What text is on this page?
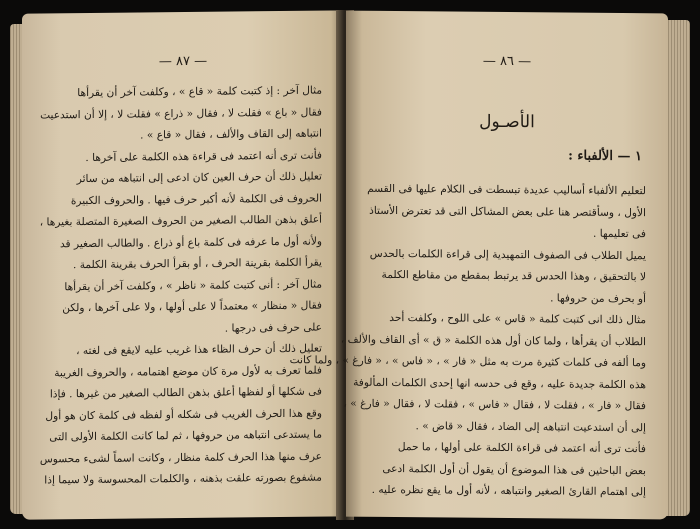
— ٨٧ —
مثال آخر : إذ كتبت كلمة « قاع » ، وكلفت آخر أن يقرأها
فقال « باع » فقلت لا ، فقال « ذراع » فقلت لا ، إلا أن استدعيت
انتباهه إلى القاف والألف ، فقال « قاع » .
فأنت ترى أنه اعتمد فى قراءة هذه الكلمة على آخرها .
تعليل ذلك أن حرف العين كان ادعى إلى انتباهه من سائر
الحروف فى الكلمة لأنه أكبر حرف فيها . والحروف الكبيرة
أعلق بذهن الطالب الصغير من الحروف الصغيرة المتصلة بغيرها ،
ولأنه أول ما عرفه فى كلمة باع أو ذراع . والطالب الصغير قد
يقرأ الكلمة بقرينة الحرف ، أو بقرأ الحرف بقرينة الكلمة .
مثال آخر : أنى كتبت كلمة « ناظر » ، وكلفت آخر أن يقرأها
فقال « منظار » معتمداً لا على أولها ، ولا على آخرها ، ولكن
على حرف فى درجها .
تعليل ذلك أن حرف الظاء هذا غريب عليه لايقع فى لغته ،
فلما تعرف به لأول مرة كان موضع اهتمامه ، والحروف الغريبة
فى شكلها أو لفظها أعلق بذهن الطالب الصغير من غيرها . فإذا
وقع هذا الحرف الغريب فى شكله أو لفظه فى كلمة كان هو أول
ما يستدعى انتباهه من حروفها ، ثم لما كانت الكلمة الأولى التى
عرف منها هذا الحرف كلمة منظار ، وكانت اسماً لشىء محسوس
مشفوع بصورته علقت بذهنه ، والكلمات المحسوسة ولا سيما إذا
— ٨٦ —
الأصـول
١ — الألفباء :
لتعليم الألفباء أساليب عديدة تبسطت فى الكلام عليها فى القسم
الأول ، وسأقتصر هنا على بعض المشاكل التى قد تعترض الأستاذ
فى تعليمها .
يميل الطلاب فى الصفوف التمهيدية إلى قراءة الكلمات بالحدس
لا بالتحقيق ، وهذا الحدس قد يرتبط بمقطع من مقاطع الكلمة
أو بحرف من حروفها .
مثال ذلك انى كتبت كلمة « قاس » على اللوح ، وكلفت أحد
الطلاب أن يقرأها ، ولما كان أول هذه الكلمة « ق » أى القاف والألف ،
وما ألفه فى كلمات كثيرة مرت به مثل « فار » ، « فاس » ، « فارغ » ، ولما كانت
هذه الكلمة جديدة عليه ، وقع فى حدسه انها إحدى الكلمات المألوفة
فقال « فار » ، فقلت لا ، فقال « فاس » ، فقلت لا ، فقال « فارغ » ،
إلى أن استدعيت انتباهه إلى الضاد ، فقال « قاض » .
فأنت ترى أنه اعتمد فى قراءة الكلمة على أولها ، ما حمل
بعض الباحثين فى هذا الموضوع أن يقول أن أول الكلمة ادعى
إلى اهتمام القارئ الصغير وانتباهه ، لأنه أول ما يقع نظره عليه .
